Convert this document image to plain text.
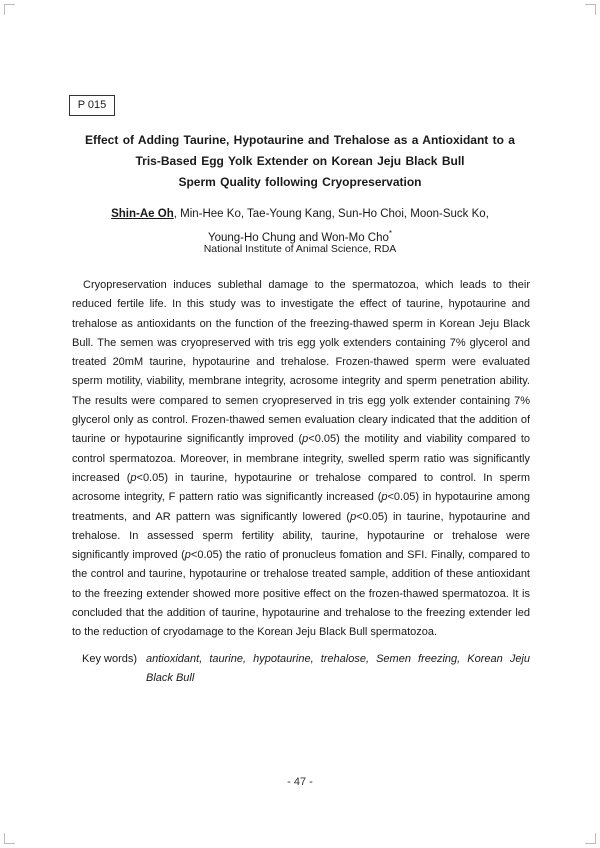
P 015
Effect of Adding Taurine, Hypotaurine and Trehalose as a Antioxidant to a
Tris-Based Egg Yolk Extender on Korean Jeju Black Bull
Sperm Quality following Cryopreservation
Shin-Ae Oh, Min-Hee Ko, Tae-Young Kang, Sun-Ho Choi, Moon-Suck Ko,
Young-Ho Chung and Won-Mo Cho*
National Institute of Animal Science, RDA
Cryopreservation induces sublethal damage to the spermatozoa, which leads to their reduced fertile life. In this study was to investigate the effect of taurine, hypotaurine and trehalose as antioxidants on the function of the freezing-thawed sperm in Korean Jeju Black Bull. The semen was cryopreserved with tris egg yolk extenders containing 7% glycerol and treated 20mM taurine, hypotaurine and trehalose. Frozen-thawed sperm were evaluated sperm motility, viability, membrane integrity, acrosome integrity and sperm penetration ability. The results were compared to semen cryopreserved in tris egg yolk extender containing 7% glycerol only as control. Frozen-thawed semen evaluation cleary indicated that the addition of taurine or hypotaurine significantly improved (p<0.05) the motility and viability compared to control spermatozoa. Moreover, in membrane integrity, swelled sperm ratio was significantly increased (p<0.05) in taurine, hypotaurine or trehalose compared to control. In sperm acrosome integrity, F pattern ratio was significantly increased (p<0.05) in hypotaurine among treatments, and AR pattern was significantly lowered (p<0.05) in taurine, hypotaurine and trehalose. In assessed sperm fertility ability, taurine, hypotaurine or trehalose were significantly improved (p<0.05) the ratio of pronucleus fomation and SFI. Finally, compared to the control and taurine, hypotaurine or trehalose treated sample, addition of these antioxidant to the freezing extender showed more positive effect on the frozen-thawed spermatozoa. It is concluded that the addition of taurine, hypotaurine and trehalose to the freezing extender led to the reduction of cryodamage to the Korean Jeju Black Bull spermatozoa.
Key words) antioxidant, taurine, hypotaurine, trehalose, Semen freezing, Korean Jeju Black Bull
- 47 -
